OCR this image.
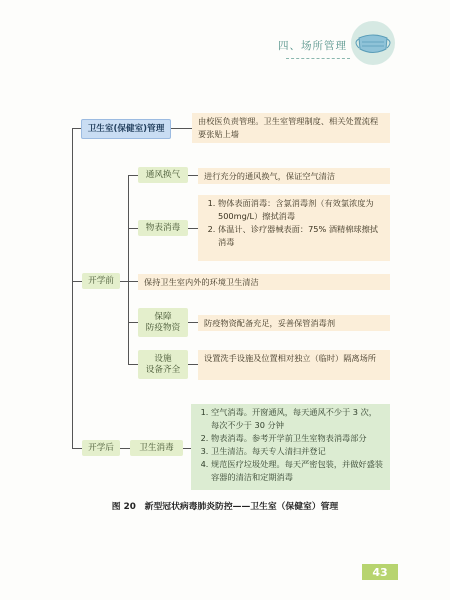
四、场所管理
卫生室(保健室)管理
由校医负责管理。卫生室管理制度、相关处置流程要张贴上墙
开学前
通风换气	进行充分的通风换气，保证空气清洁
物表消毒
1. 物体表面消毒：含氯消毒剂（有效氯浓度为500mg/L）擦拭消毒
2. 体温计、诊疗器械表面：75% 酒精棉球擦拭消毒
保持卫生室内外的环境卫生清洁
保障
防疫物资	防疫物资配备充足，妥善保管消毒剂
设施
设备齐全
设置洗手设施及位置相对独立（临时）隔离场所
开学后	卫生消毒
1. 空气消毒。开窗通风，每天通风不少于 3 次，每次不少于 30 分钟
2. 物表消毒。参考开学前卫生室物表消毒部分
3. 卫生清洁。每天专人清扫并登记
4. 规范医疗垃圾处理。每天严密包装，并做好盛装容器的清洁和定期消毒
图 20　新型冠状病毒肺炎防控——卫生室（保健室）管理
43
